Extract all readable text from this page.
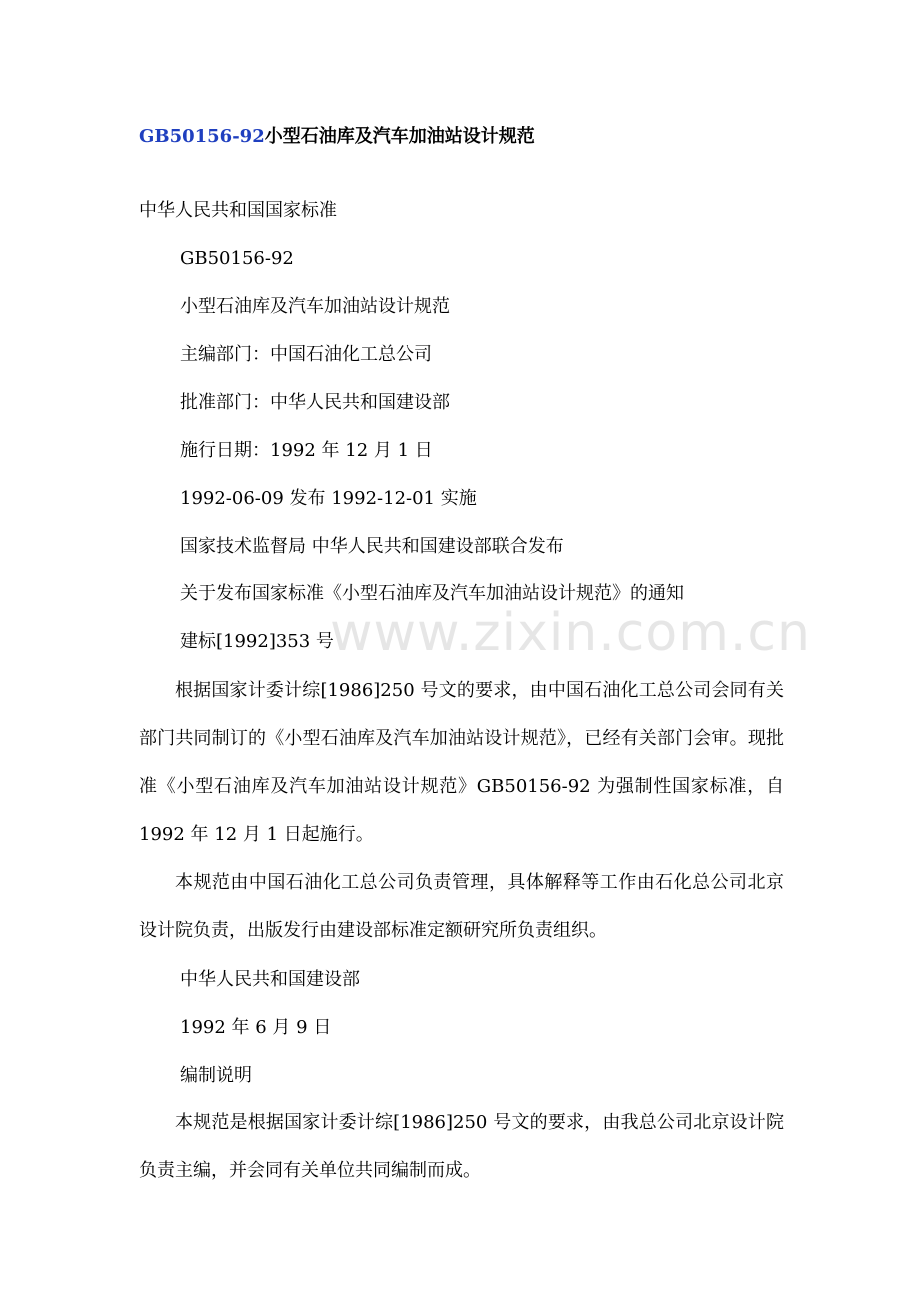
www.zixin.com.cn
GB50156-92小型石油库及汽车加油站设计规范
中华人民共和国国家标准
GB50156-92
小型石油库及汽车加油站设计规范
主编部门：中国石油化工总公司
批准部门：中华人民共和国建设部
施行日期：1992 年 12 月 1 日
1992-06-09 发布 1992-12-01 实施
国家技术监督局 中华人民共和国建设部联合发布
关于发布国家标准《小型石油库及汽车加油站设计规范》的通知
建标[1992]353 号
根据国家计委计综[1986]250 号文的要求，由中国石油化工总公司会同有关部门共同制订的《小型石油库及汽车加油站设计规范》，已经有关部门会审。现批准《小型石油库及汽车加油站设计规范》GB50156-92 为强制性国家标准，自 1992 年 12 月 1 日起施行。
本规范由中国石油化工总公司负责管理，具体解释等工作由石化总公司北京设计院负责，出版发行由建设部标准定额研究所负责组织。
中华人民共和国建设部
1992 年 6 月 9 日
编制说明
本规范是根据国家计委计综[1986]250 号文的要求，由我总公司北京设计院负责主编，并会同有关单位共同编制而成。
